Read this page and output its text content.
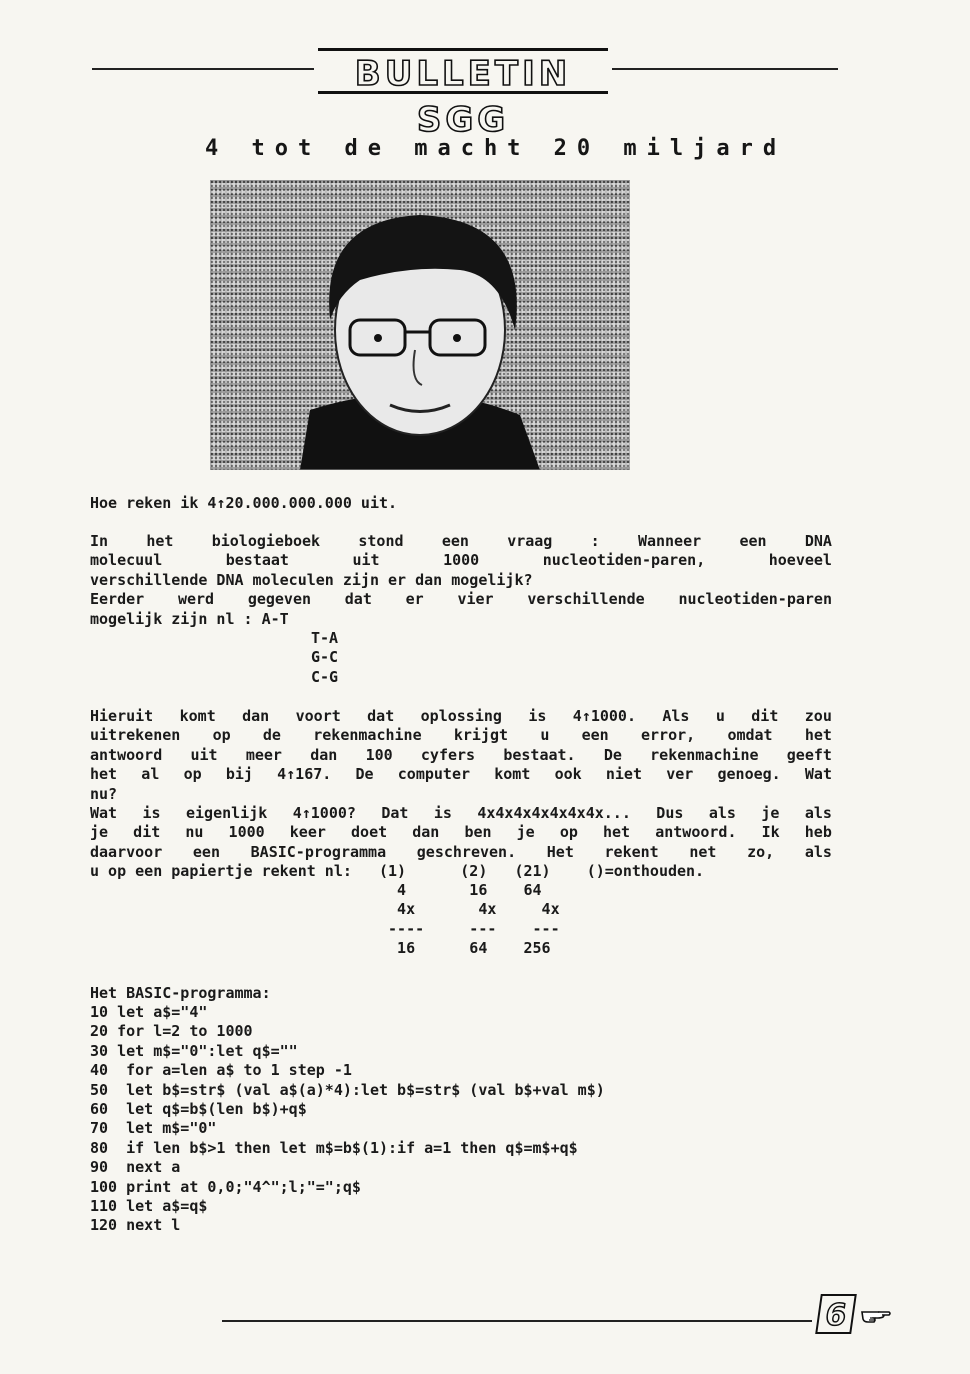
BULLETIN SGG
4 tot de macht 20 miljard
Hoe reken ik 4↑20.000.000.000 uit.
In	het	biologieboek	stond	een	vraag	:	Wanneer	een	DNA
molecuul	bestaat	uit	1000	nucleotiden-paren,	hoeveel
verschillende DNA moleculen zijn er dan mogelijk?
Eerder werd gegeven dat er vier verschillende nucleotiden-paren
mogelijk zijn nl : A-T
T-A
G-C
C-G
Hieruit komt dan voort dat oplossing is 4↑1000. Als u dit zou
uitrekenen op de rekenmachine krijgt u een error, omdat het
antwoord uit meer dan 100 cyfers bestaat. De rekenmachine geeft
het al op bij 4↑167. De computer komt ook niet ver genoeg. Wat
nu?
Wat is eigenlijk 4↑1000? Dat is 4x4x4x4x4x4x4x... Dus als je als
je dit nu 1000 keer doet dan ben je op het antwoord. Ik heb
daarvoor een BASIC-programma geschreven. Het rekent net zo, als
u op een papiertje rekent nl:   (1)      (2)   (21)    ()=onthouden.
4       16    64
4x       4x     4x
----     ---    ---
16      64    256
Het BASIC-programma:
10 let a$="4"
20 for l=2 to 1000
30 let m$="0":let q$=""
40  for a=len a$ to 1 step -1
50  let b$=str$ (val a$(a)*4):let b$=str$ (val b$+val m$)
60  let q$=b$(len b$)+q$
70  let m$="0"
80  if len b$>1 then let m$=b$(1):if a=1 then q$=m$+q$
90  next a
100 print at 0,0;"4^";l;"=";q$
110 let a$=q$
120 next l
6
